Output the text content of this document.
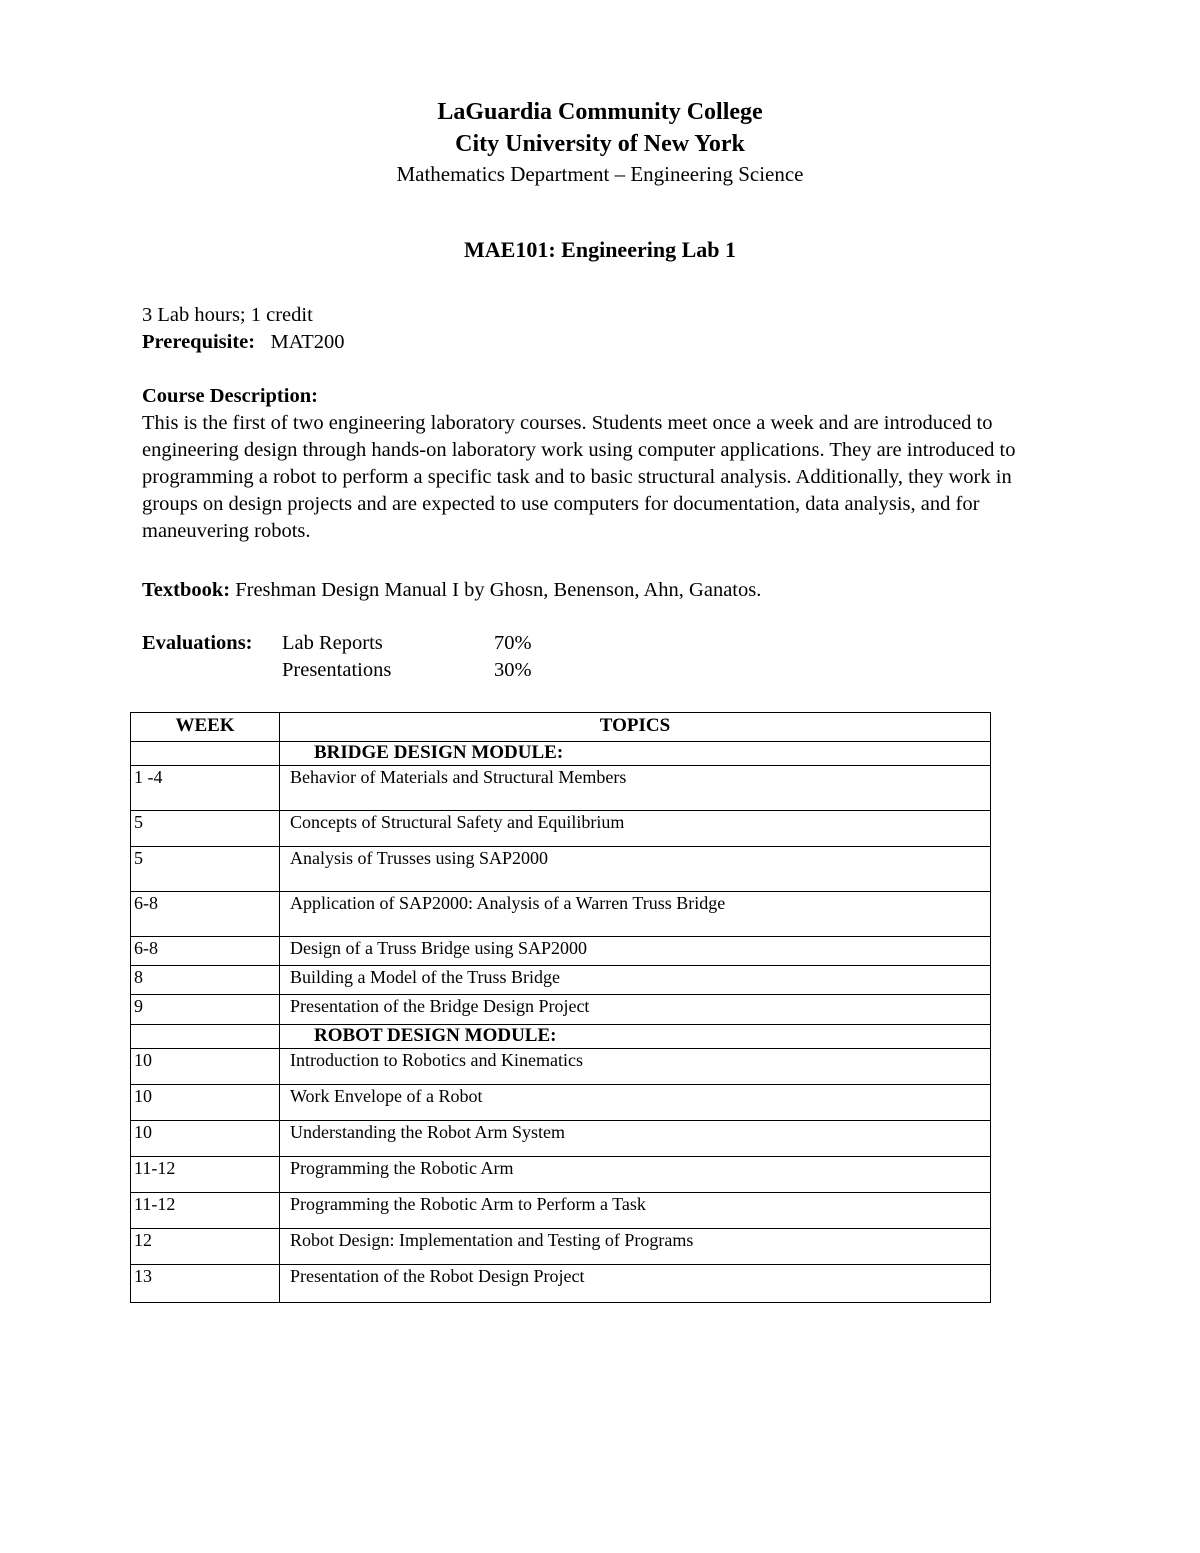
LaGuardia Community College
City University of New York
Mathematics Department – Engineering Science
MAE101: Engineering Lab 1
3 Lab hours; 1 credit
Prerequisite: MAT200
Course Description:
This is the first of two engineering laboratory courses. Students meet once a week and are introduced to engineering design through hands-on laboratory work using computer applications. They are introduced to programming a robot to perform a specific task and to basic structural analysis. Additionally, they work in groups on design projects and are expected to use computers for documentation, data analysis, and for maneuvering robots.
Textbook: Freshman Design Manual I by Ghosn, Benenson, Ahn, Ganatos.
Evaluations: Lab Reports	70%
Presentations	30%
WEEK	TOPICS
	BRIDGE DESIGN MODULE:
1 -4	Behavior of Materials and Structural Members
5	Concepts of Structural Safety and Equilibrium
5	Analysis of Trusses using SAP2000
6-8	Application of SAP2000: Analysis of a Warren Truss Bridge
6-8	Design of a Truss Bridge using SAP2000
8	Building a Model of the Truss Bridge
9	Presentation of the Bridge Design Project
	ROBOT DESIGN MODULE:
10	Introduction to Robotics and Kinematics
10	Work Envelope of a Robot
10	Understanding the Robot Arm System
11-12	Programming the Robotic Arm
11-12	Programming the Robotic Arm to Perform a Task
12	Robot Design: Implementation and Testing of Programs
13	Presentation of the Robot Design Project
